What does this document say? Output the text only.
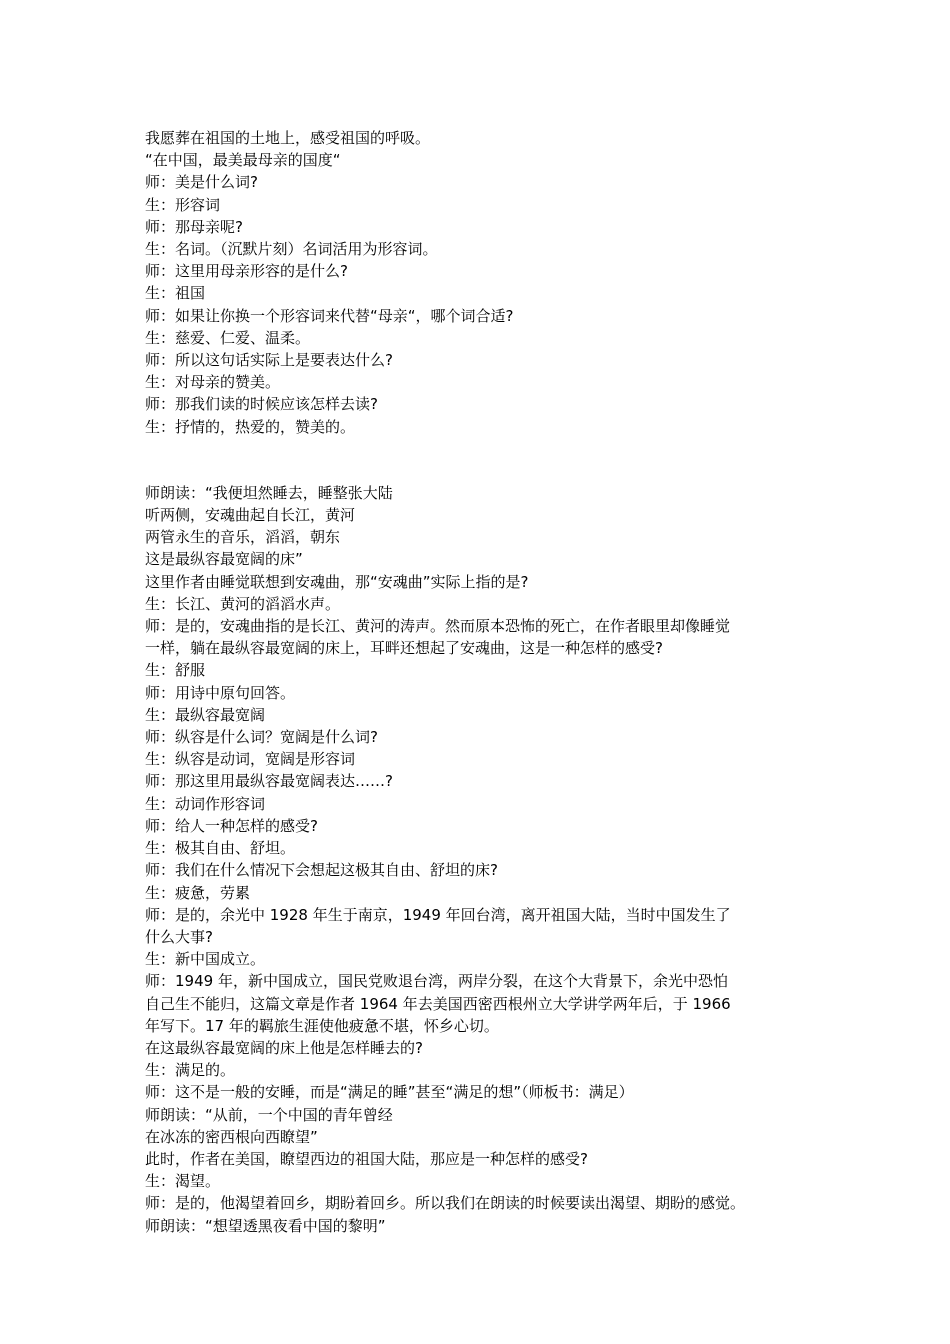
我愿葬在祖国的土地上，感受祖国的呼吸。

“在中国，最美最母亲的国度“

师：美是什么词?

生：形容词

师：那母亲呢?

生：名词。（沉默片刻）名词活用为形容词。

师：这里用母亲形容的是什么?

生：祖国

师：如果让你换一个形容词来代替“母亲“，哪个词合适?

生：慈爱、仁爱、温柔。

师：所以这句话实际上是要表达什么?

生：对母亲的赞美。

师：那我们读的时候应该怎样去读?

生：抒情的，热爱的，赞美的。

师朗读：“我便坦然睡去，睡整张大陆

听两侧，安魂曲起自长江，黄河

两管永生的音乐，滔滔，朝东

这是最纵容最宽阔的床”

这里作者由睡觉联想到安魂曲，那“安魂曲”实际上指的是?

生：长江、黄河的滔滔水声。

师：是的，安魂曲指的是长江、黄河的涛声。然而原本恐怖的死亡，在作者眼里却像睡觉

一样，躺在最纵容最宽阔的床上，耳畔还想起了安魂曲，这是一种怎样的感受?

生：舒服

师：用诗中原句回答。

生：最纵容最宽阔

师：纵容是什么词？宽阔是什么词?

生：纵容是动词，宽阔是形容词

师：那这里用最纵容最宽阔表达……?

生：动词作形容词

师：给人一种怎样的感受?

生：极其自由、舒坦。

师：我们在什么情况下会想起这极其自由、舒坦的床?

生：疲惫，劳累

师：是的，余光中 1928 年生于南京，1949 年回台湾，离开祖国大陆，当时中国发生了

什么大事?

生：新中国成立。

师：1949 年，新中国成立，国民党败退台湾，两岸分裂，在这个大背景下，余光中恐怕

自己生不能归，这篇文章是作者 1964 年去美国西密西根州立大学讲学两年后，于 1966

年写下。17 年的羁旅生涯使他疲惫不堪，怀乡心切。

在这最纵容最宽阔的床上他是怎样睡去的?

生：满足的。

师：这不是一般的安睡，而是“满足的睡”甚至“满足的想”（师板书：满足）

师朗读：“从前，一个中国的青年曾经

在冰冻的密西根向西瞭望”

此时，作者在美国，瞭望西边的祖国大陆，那应是一种怎样的感受?

生：渴望。

师：是的，他渴望着回乡，期盼着回乡。所以我们在朗读的时候要读出渴望、期盼的感觉。

师朗读：“想望透黑夜看中国的黎明”
